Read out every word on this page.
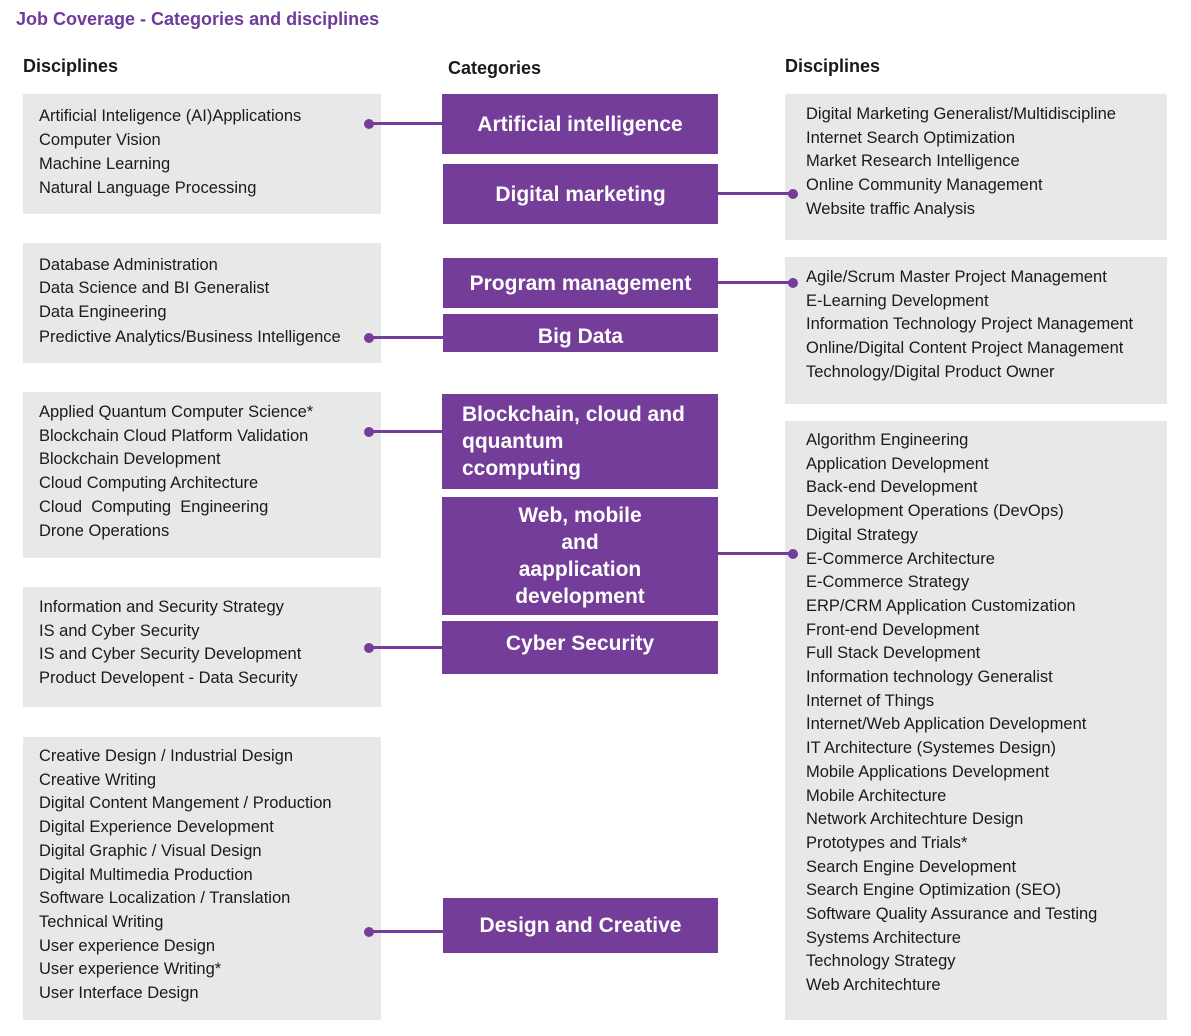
Job Coverage - Categories and disciplines
Disciplines	Categories	Disciplines
Artificial Inteligence (AI)Applications
Computer Vision
Machine Learning
Natural Language Processing
Database Administration
Data Science and BI Generalist
Data Engineering
Predictive Analytics/Business Intelligence
Applied Quantum Computer Science*
Blockchain Cloud Platform Validation
Blockchain Development
Cloud Computing Architecture
Cloud  Computing  Engineering
Drone Operations
Information and Security Strategy
IS and Cyber Security
IS and Cyber Security Development
Product Developent - Data Security
Creative Design / Industrial Design
Creative Writing
Digital Content Mangement / Production
Digital Experience Development
Digital Graphic / Visual Design
Digital Multimedia Production
Software Localization / Translation
Technical Writing
User experience Design
User experience Writing*
User Interface Design
Digital Marketing Generalist/Multidiscipline
Internet Search Optimization
Market Research Intelligence
Online Community Management
Website traffic Analysis
Agile/Scrum Master Project Management
E-Learning Development
Information Technology Project Management
Online/Digital Content Project Management
Technology/Digital Product Owner
Algorithm Engineering
Application Development
Back-end Development
Development Operations (DevOps)
Digital Strategy
E-Commerce Architecture
E-Commerce Strategy
ERP/CRM Application Customization
Front-end Development
Full Stack Development
Information technology Generalist
Internet of Things
Internet/Web Application Development
IT Architecture (Systemes Design)
Mobile Applications Development
Mobile Architecture
Network Architechture Design
Prototypes and Trials*
Search Engine Development
Search Engine Optimization (SEO)
Software Quality Assurance and Testing
Systems Architecture
Technology Strategy
Web Architechture
Artificial intelligence
Digital marketing
Program management
Big Data
Blockchain, cloud and
qquantum
ccomputing
Web, mobile
and
aapplication
development
Cyber Security
Design and Creative
